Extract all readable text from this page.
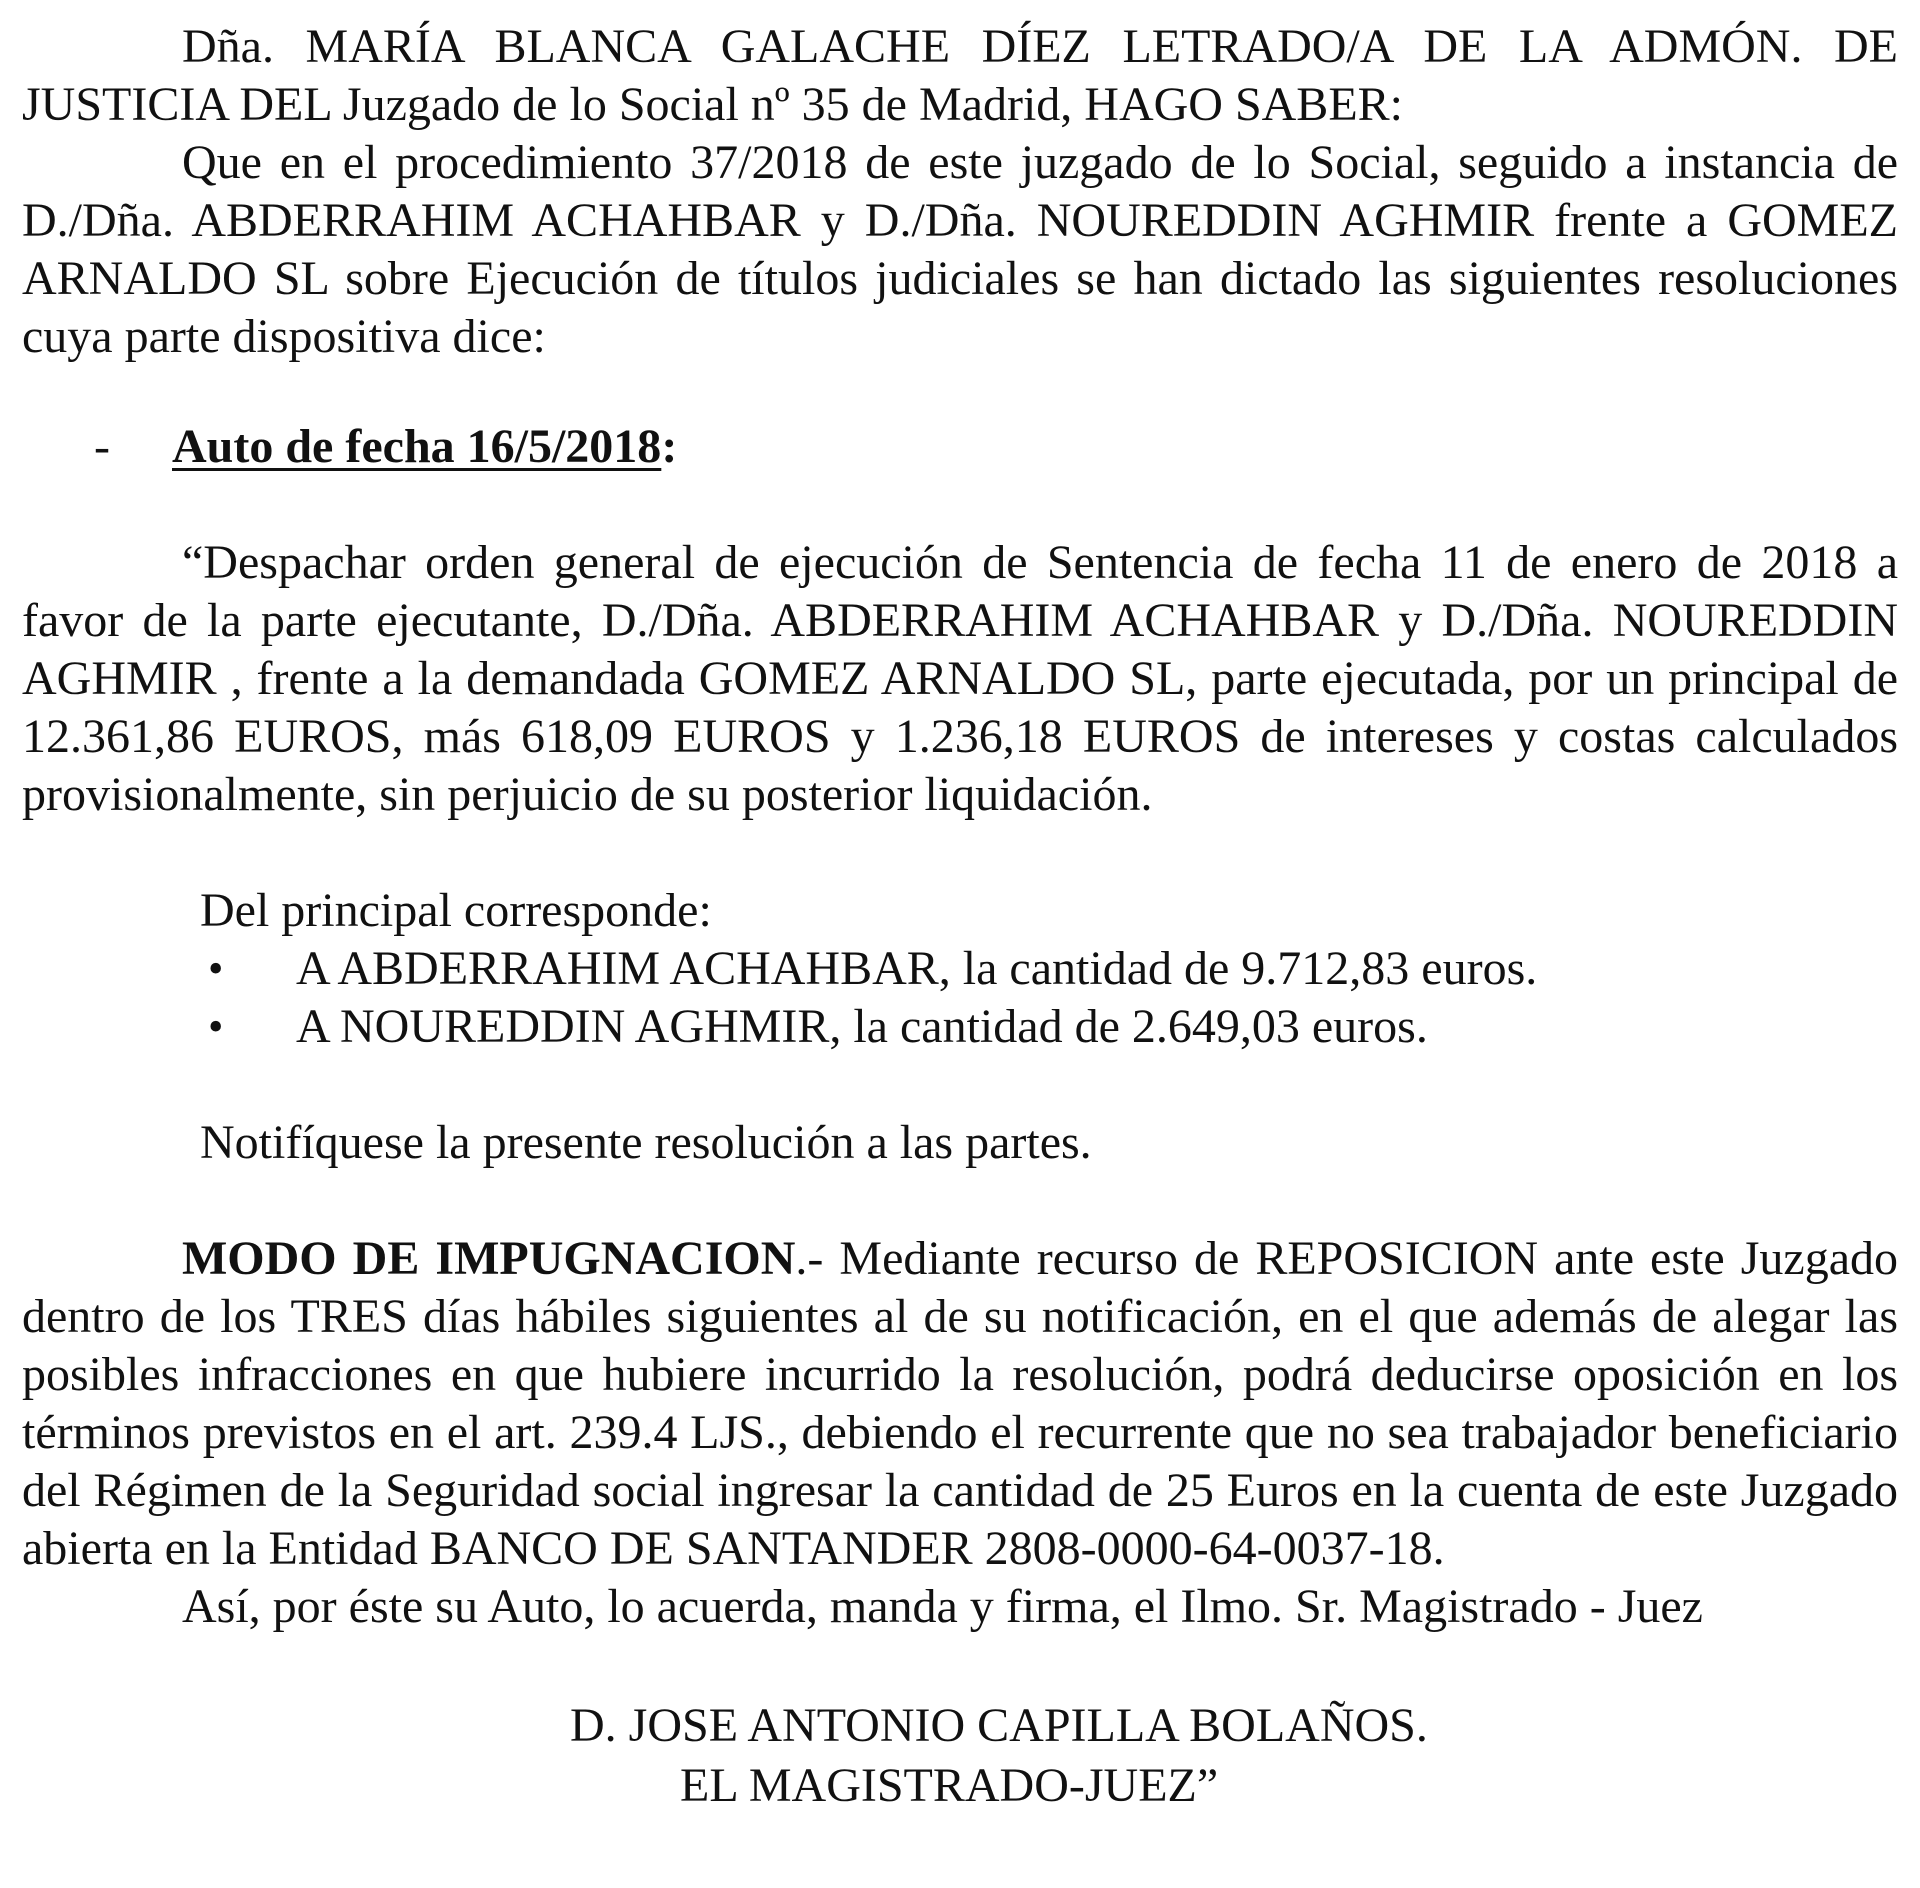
Dña. MARÍA BLANCA GALACHE DÍEZ LETRADO/A DE LA ADMÓN. DE JUSTICIA DEL Juzgado de lo Social nº 35 de Madrid, HAGO SABER:

Que en el procedimiento 37/2018 de este juzgado de lo Social, seguido a instancia de D./Dña. ABDERRAHIM ACHAHBAR y D./Dña. NOUREDDIN AGHMIR frente a GOMEZ ARNALDO SL sobre Ejecución de títulos judiciales se han dictado las siguientes resoluciones cuya parte dispositiva dice:

-	Auto de fecha 16/5/2018 :

“Despachar orden general de ejecución de Sentencia de fecha 11 de enero de 2018 a favor de la parte ejecutante, D./Dña. ABDERRAHIM ACHAHBAR y D./Dña. NOUREDDIN AGHMIR , frente a la demandada GOMEZ ARNALDO SL, parte ejecutada, por un principal de 12.361,86 EUROS, más 618,09 EUROS y 1.236,18 EUROS de intereses y costas calculados provisionalmente, sin perjuicio de su posterior liquidación.

Del principal corresponde:

• A ABDERRAHIM ACHAHBAR, la cantidad de 9.712,83 euros.
• A NOUREDDIN AGHMIR, la cantidad de 2.649,03 euros.

Notifíquese la presente resolución a las partes.

MODO DE IMPUGNACION.- Mediante recurso de REPOSICION ante este Juzgado dentro de los TRES días hábiles siguientes al de su notificación, en el que además de alegar las posibles infracciones en que hubiere incurrido la resolución, podrá deducirse oposición en los términos previstos en el art. 239.4 LJS., debiendo el recurrente que no sea trabajador beneficiario del Régimen de la Seguridad social ingresar la cantidad de 25 Euros en la cuenta de este Juzgado abierta en la Entidad BANCO DE SANTANDER 2808-0000-64-0037-18.

Así, por éste su Auto, lo acuerda, manda y firma, el Ilmo. Sr. Magistrado - Juez

D. JOSE ANTONIO CAPILLA BOLAÑOS.

EL MAGISTRADO-JUEZ”
